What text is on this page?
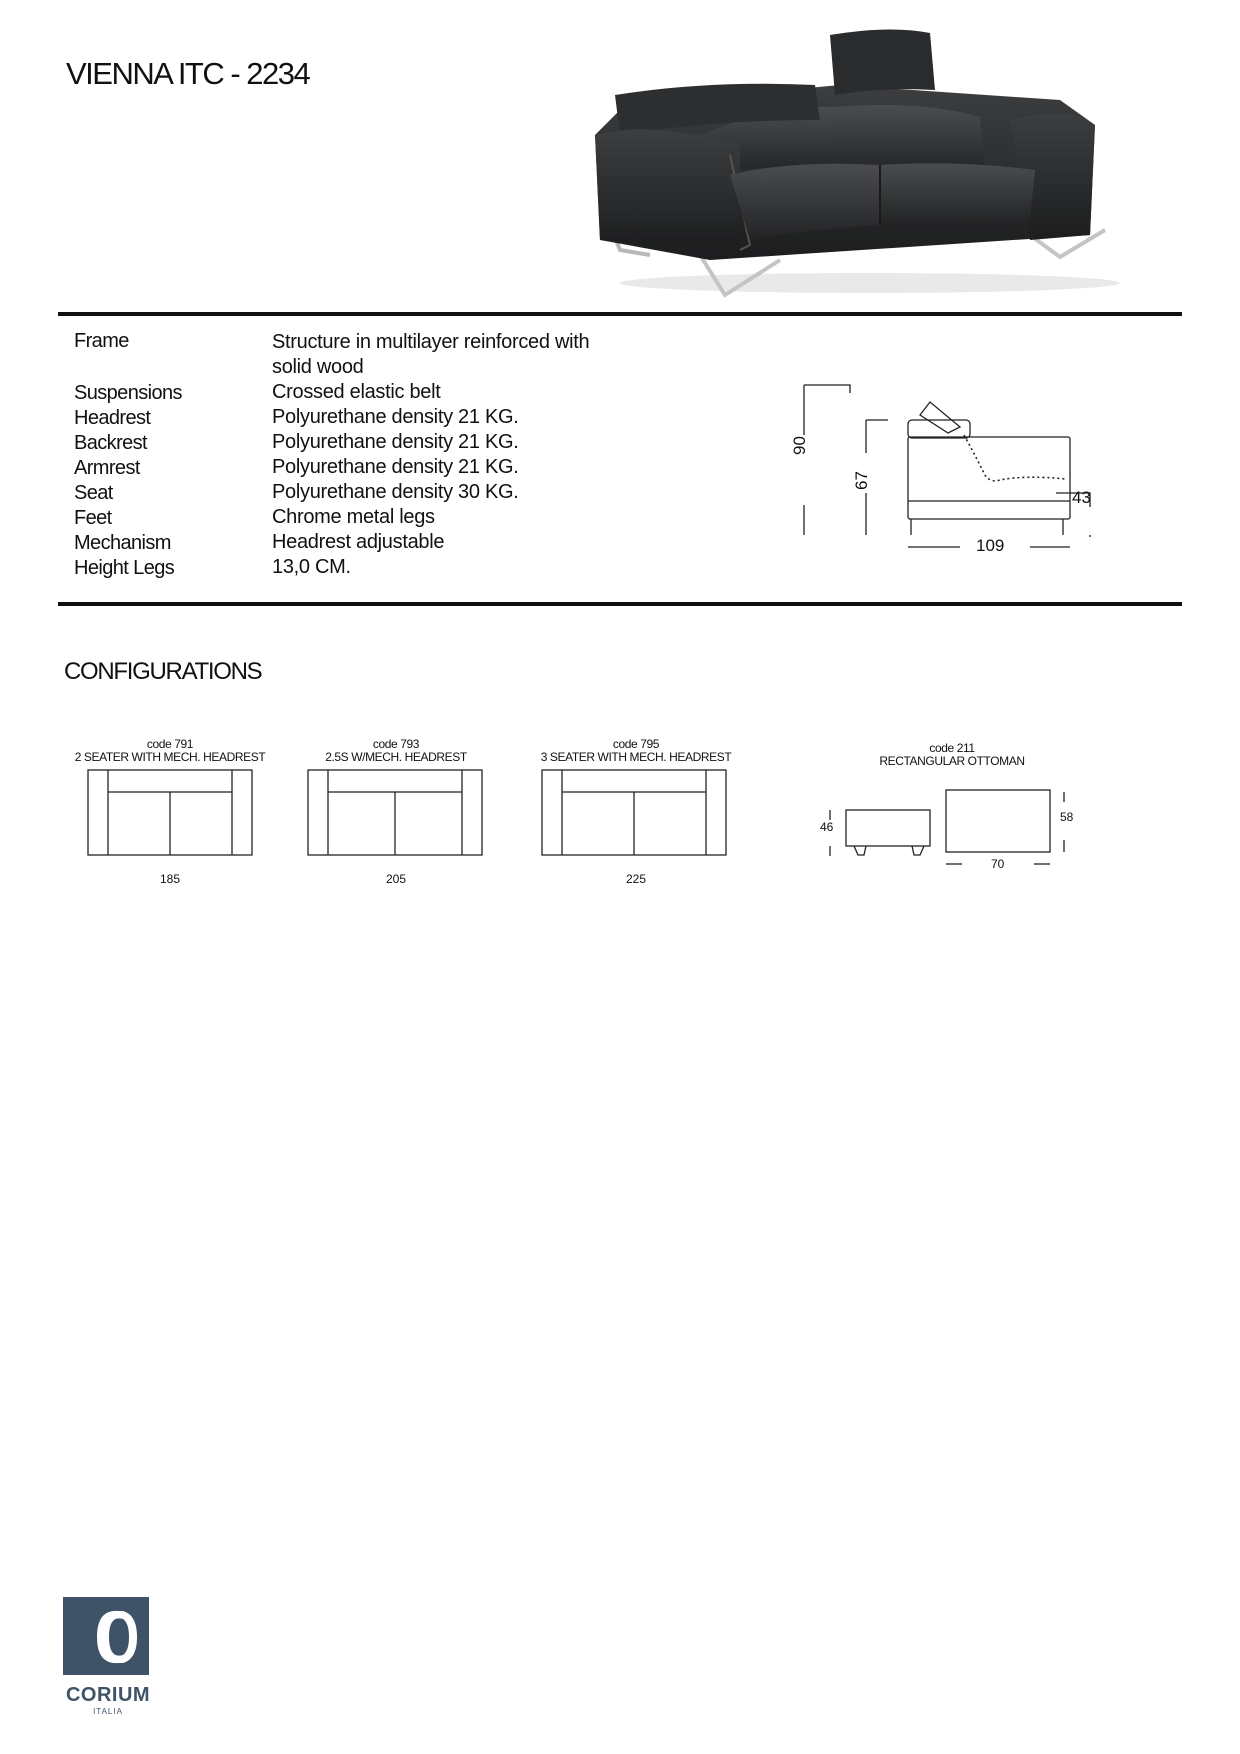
VIENNA ITC - 2234
Frame	Structure in multilayer reinforced with solid wood
Suspensions	Crossed elastic belt
Headrest	Polyurethane density 21 KG.
Backrest	Polyurethane density 21 KG.
Armrest	Polyurethane density 21 KG.
Seat	Polyurethane density 30 KG.
Feet	Chrome metal legs
Mechanism	Headrest adjustable
Height Legs	13,0 CM.
90
67
43
109
CONFIGURATIONS
code 791
2 SEATER WITH MECH. HEADREST
185
code 793
2.5S W/MECH. HEADREST
205
code 795
3 SEATER WITH MECH. HEADREST
225
code 211
RECTANGULAR OTTOMAN
46
58
70
CORIUM
ITALIA
